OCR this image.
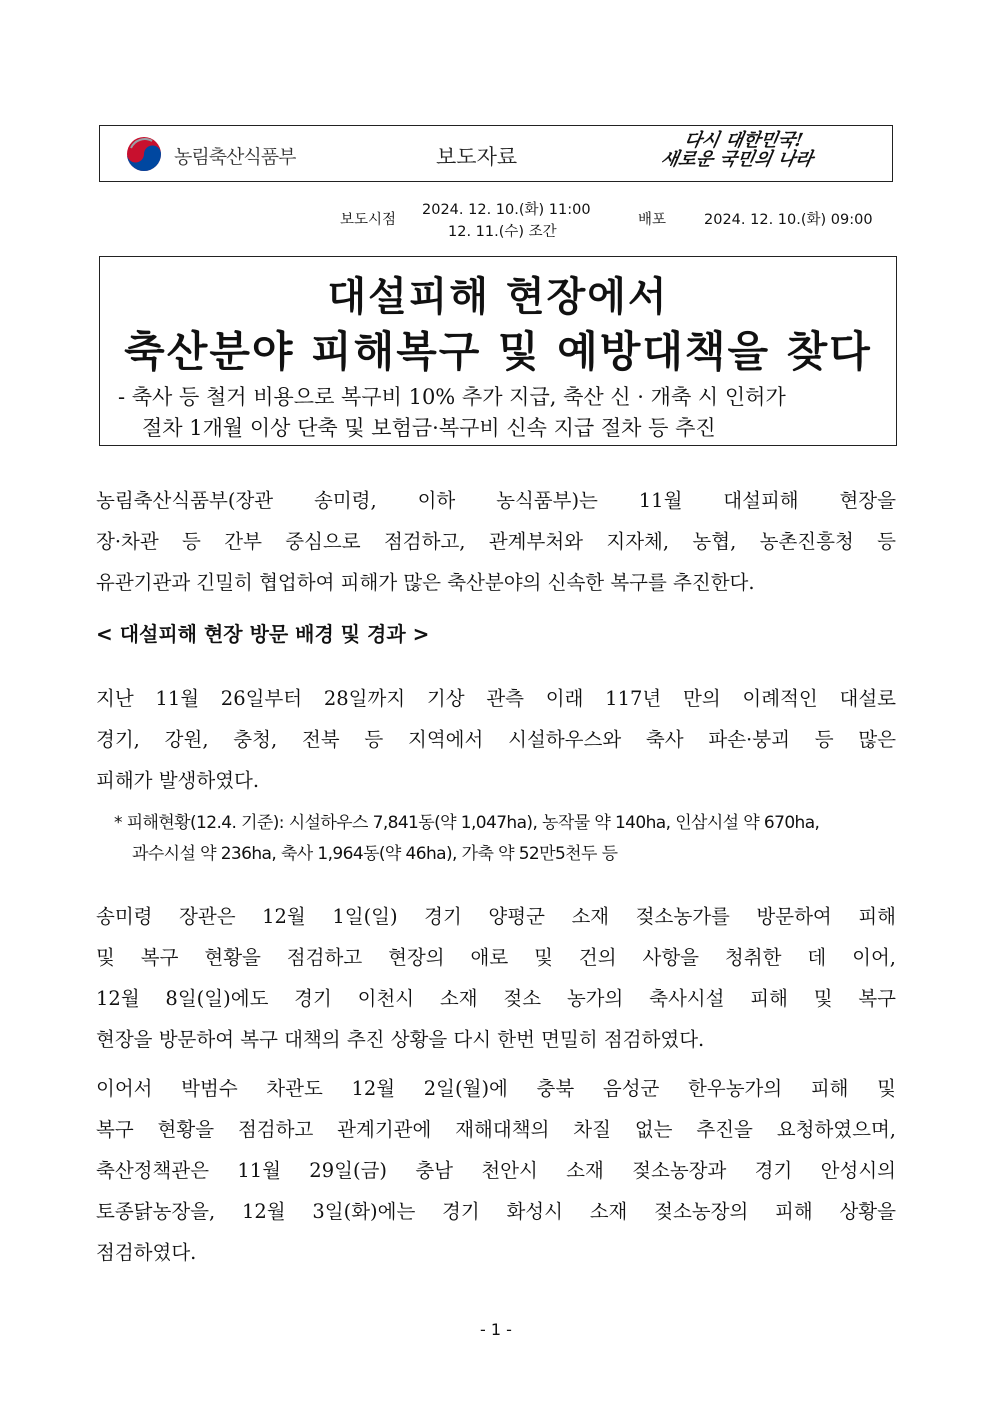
농림축산식품부	보도자료
다시 대한민국!
새로운 국민의 나라
보도시점
2024. 12. 10.(화) 11:00
12. 11.(수) 조간
배포	2024. 12. 10.(화) 09:00
대설피해 현장에서
축산분야 피해복구 및 예방대책을 찾다
- 축사 등 철거 비용으로 복구비 10% 추가 지급, 축산 신 · 개축 시 인허가
절차 1개월 이상 단축 및 보험금·복구비 신속 지급 절차 등 추진
농림축산식품부(장관 송미령, 이하 농식품부)는 11월 대설피해 현장을
장·차관 등 간부 중심으로 점검하고, 관계부처와 지자체, 농협, 농촌진흥청 등
유관기관과 긴밀히 협업하여 피해가 많은 축산분야의 신속한 복구를 추진한다.
< 대설피해 현장 방문 배경 및 경과 >
지난 11월 26일부터 28일까지 기상 관측 이래 117년 만의 이례적인 대설로
경기, 강원, 충청, 전북 등 지역에서 시설하우스와 축사 파손·붕괴 등 많은
피해가 발생하였다.
* 피해현황(12.4. 기준): 시설하우스 7,841동(약 1,047ha), 농작물 약 140ha, 인삼시설 약 670ha,
과수시설 약 236ha, 축사 1,964동(약 46ha), 가축 약 52만5천두 등
송미령 장관은 12월 1일(일) 경기 양평군 소재 젖소농가를 방문하여 피해
및 복구 현황을 점검하고 현장의 애로 및 건의 사항을 청취한 데 이어,
12월 8일(일)에도 경기 이천시 소재 젖소 농가의 축사시설 피해 및 복구
현장을 방문하여 복구 대책의 추진 상황을 다시 한번 면밀히 점검하였다.
이어서 박범수 차관도 12월 2일(월)에 충북 음성군 한우농가의 피해 및
복구 현황을 점검하고 관계기관에 재해대책의 차질 없는 추진을 요청하였으며,
축산정책관은 11월 29일(금) 충남 천안시 소재 젖소농장과 경기 안성시의
토종닭농장을, 12월 3일(화)에는 경기 화성시 소재 젖소농장의 피해 상황을
점검하였다.
- 1 -
